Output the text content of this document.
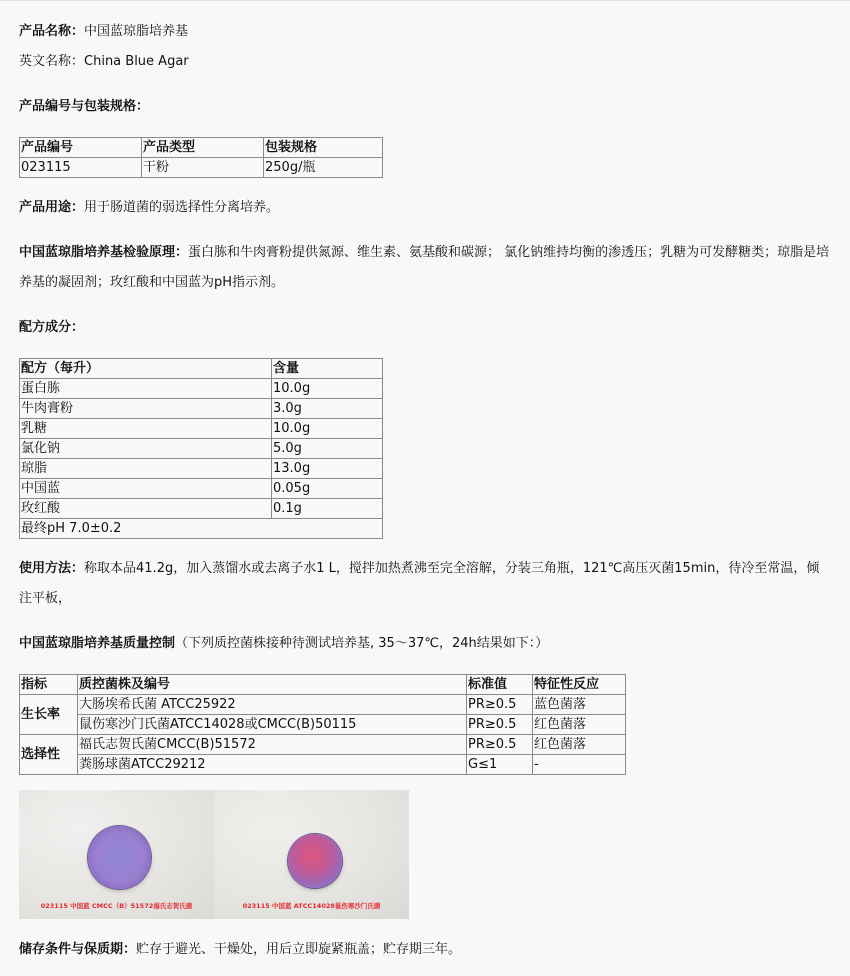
产品名称：中国蓝琼脂培养基

英文名称：China Blue Agar

产品编号与包装规格：

产品编号	产品类型	包装规格
023115	干粉	250g/瓶

产品用途：用于肠道菌的弱选择性分离培养。

中国蓝琼脂培养基检验原理：蛋白胨和牛肉膏粉提供氮源、维生素、氨基酸和碳源； 氯化钠维持均衡的渗透压；乳糖为可发酵糖类；琼脂是培养基的凝固剂；玫红酸和中国蓝为pH指示剂。

配方成分：

配方（每升）	含量
蛋白胨	10.0g
牛肉膏粉	3.0g
乳糖	10.0g
氯化钠	5.0g
琼脂	13.0g
中国蓝	0.05g
玫红酸	0.1g
最终pH 7.0±0.2	

使用方法：称取本品41.2g，加入蒸馏水或去离子水1 L，搅拌加热煮沸至完全溶解，分装三角瓶，121℃高压灭菌15min，待冷至常温，倾注平板，

中国蓝琼脂培养基质量控制（下列质控菌株接种待测试培养基, 35～37℃，24h结果如下：）

指标	质控菌株及编号	标准值	特征性反应
生长率	大肠埃希氏菌 ATCC25922	PR≥0.5	蓝色菌落
	鼠伤寒沙门氏菌ATCC14028或CMCC(B)50115	PR≥0.5	红色菌落
选择性	福氏志贺氏菌CMCC(B)51572	PR≥0.5	红色菌落
	粪肠球菌ATCC29212	G≤1	-
023115 中国蓝 CMCC（B）51572福氏志贺氏菌	023115 中国蓝 ATCC14028鼠伤寒沙门氏菌

储存条件与保质期：贮存于避光、干燥处，用后立即旋紧瓶盖；贮存期三年。
